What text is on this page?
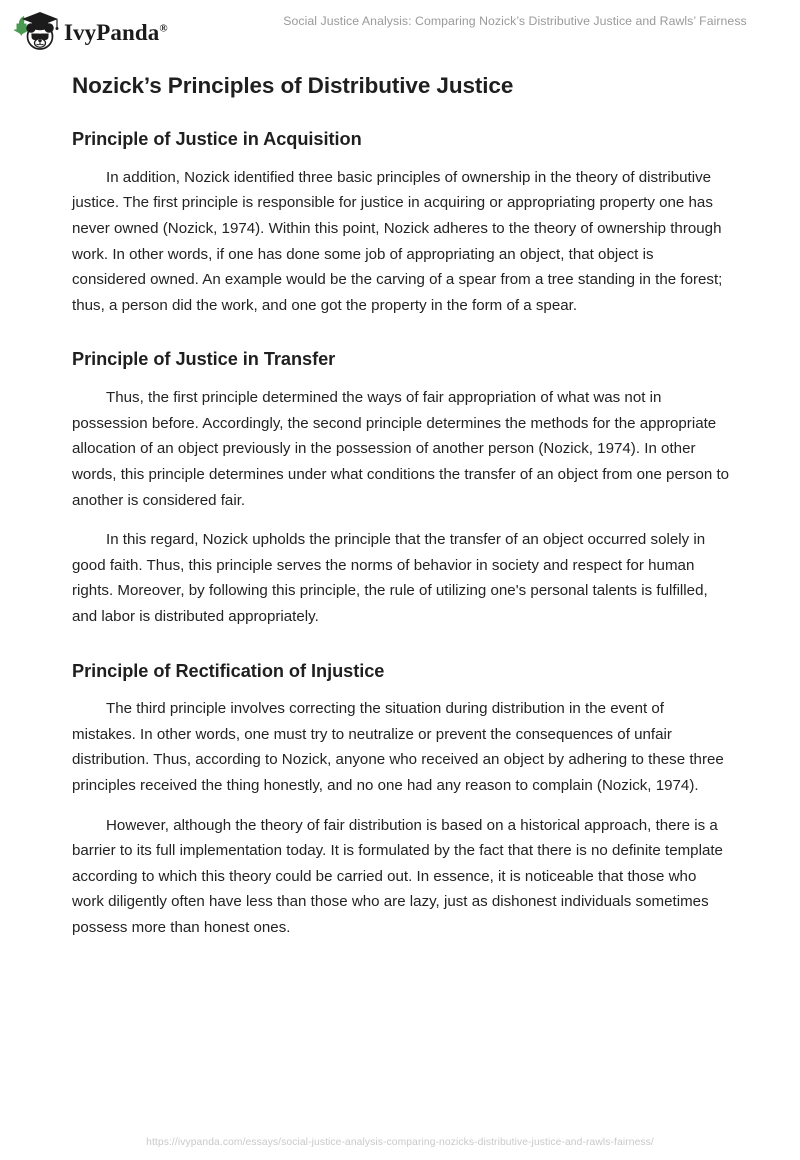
IvyPanda®	Social Justice Analysis: Comparing Nozick’s Distributive Justice and Rawls’ Fairness
Nozick’s Principles of Distributive Justice
Principle of Justice in Acquisition

In addition, Nozick identified three basic principles of ownership in the theory of distributive justice. The first principle is responsible for justice in acquiring or appropriating property one has never owned (Nozick, 1974). Within this point, Nozick adheres to the theory of ownership through work. In other words, if one has done some job of appropriating an object, that object is considered owned. An example would be the carving of a spear from a tree standing in the forest; thus, a person did the work, and one got the property in the form of a spear.

Principle of Justice in Transfer

Thus, the first principle determined the ways of fair appropriation of what was not in possession before. Accordingly, the second principle determines the methods for the appropriate allocation of an object previously in the possession of another person (Nozick, 1974). In other words, this principle determines under what conditions the transfer of an object from one person to another is considered fair.

In this regard, Nozick upholds the principle that the transfer of an object occurred solely in good faith. Thus, this principle serves the norms of behavior in society and respect for human rights. Moreover, by following this principle, the rule of utilizing one's personal talents is fulfilled, and labor is distributed appropriately.

Principle of Rectification of Injustice

The third principle involves correcting the situation during distribution in the event of mistakes. In other words, one must try to neutralize or prevent the consequences of unfair distribution. Thus, according to Nozick, anyone who received an object by adhering to these three principles received the thing honestly, and no one had any reason to complain (Nozick, 1974).

However, although the theory of fair distribution is based on a historical approach, there is a barrier to its full implementation today. It is formulated by the fact that there is no definite template according to which this theory could be carried out. In essence, it is noticeable that those who work diligently often have less than those who are lazy, just as dishonest individuals sometimes possess more than honest ones.

https://ivypanda.com/essays/social-justice-analysis-comparing-nozicks-distributive-justice-and-rawls-fairness/
